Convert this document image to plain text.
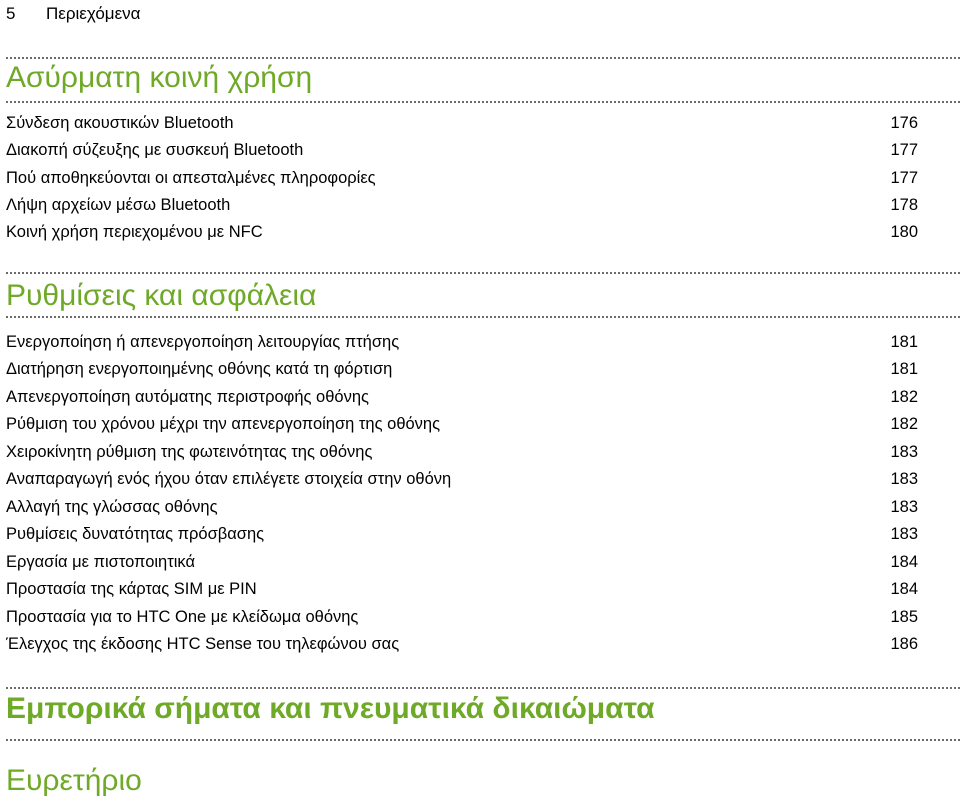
5 Περιεχόμενα
Ασύρματη κοινή χρήση
Σύνδεση ακουστικών Bluetooth	176
Διακοπή σύζευξης με συσκευή Bluetooth	177
Πού αποθηκεύονται οι απεσταλμένες πληροφορίες	177
Λήψη αρχείων μέσω Bluetooth	178
Κοινή χρήση περιεχομένου με NFC	180
Ρυθμίσεις και ασφάλεια
Ενεργοποίηση ή απενεργοποίηση λειτουργίας πτήσης	181
Διατήρηση ενεργοποιημένης οθόνης κατά τη φόρτιση	181
Απενεργοποίηση αυτόματης περιστροφής οθόνης	182
Ρύθμιση του χρόνου μέχρι την απενεργοποίηση της οθόνης	182
Χειροκίνητη ρύθμιση της φωτεινότητας της οθόνης	183
Αναπαραγωγή ενός ήχου όταν επιλέγετε στοιχεία στην οθόνη	183
Αλλαγή της γλώσσας οθόνης	183
Ρυθμίσεις δυνατότητας πρόσβασης	183
Εργασία με πιστοποιητικά	184
Προστασία της κάρτας SIM με PIN	184
Προστασία για το HTC One με κλείδωμα οθόνης	185
Έλεγχος της έκδοσης HTC Sense του τηλεφώνου σας	186
Εμπορικά σήματα και πνευματικά δικαιώματα
Ευρετήριο
